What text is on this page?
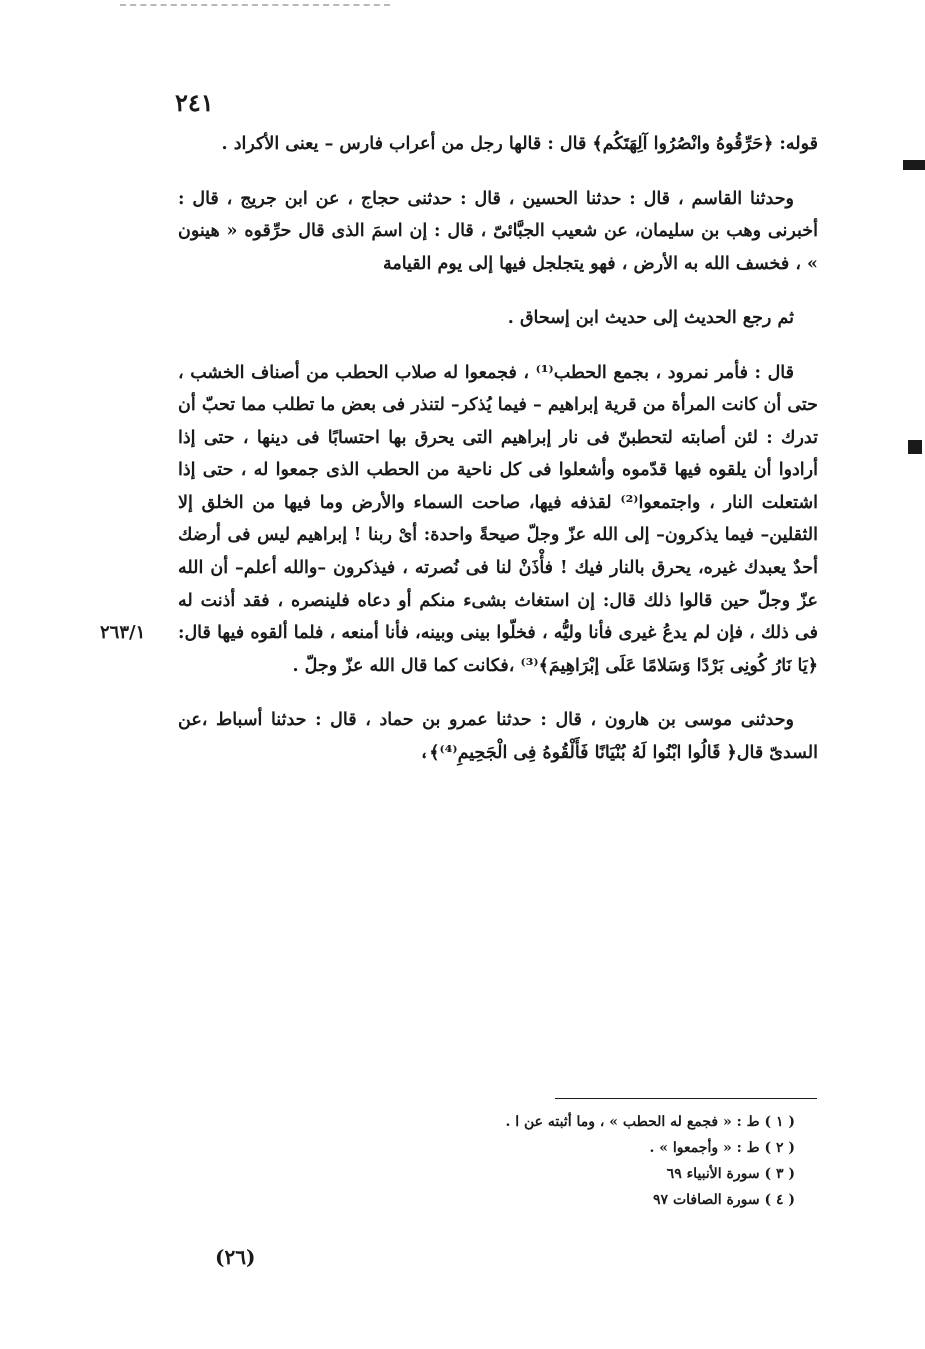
٢٤١
٢٦٣/١

قوله: ﴿حَرِّقُوهُ وانْصُرُوا آلِهَتَكُم﴾ قال : قالها رجل من أعراب فارس – يعنى الأكراد .

وحدثنا القاسم ، قال : حدثنا الحسين ، قال : حدثنى حجاج ، عن ابن جريج ، قال : أخبرنى وهب بن سليمان، عن شعيب الجبَّائىّ ، قال : إن اسمَ الذى قال حرِّقوه « هينون » ، فخسف الله به الأرض ، فهو يتجلجل فيها إلى يوم القيامة

ثم رجع الحديث إلى حديث ابن إسحاق .

قال : فأمر نمرود ، بجمع الحطب⁽¹⁾ ، فجمعوا له صلاب الحطب من أصناف الخشب ، حتى أن كانت المرأة من قرية إبراهيم – فيما يُذكر– لتنذر فى بعض ما تطلب مما تحبّ أن تدرك : لئن أصابته لتحطبنّ فى نار إبراهيم التى يحرق بها احتسابًا فى دينها ، حتى إذا أرادوا أن يلقوه فيها قدّموه وأشعلوا فى كل ناحية من الحطب الذى جمعوا له ، حتى إذا اشتعلت النار ، واجتمعوا⁽²⁾ لقذفه فيها، صاحت السماء والأرض وما فيها من الخلق إلا الثقلين– فيما يذكرون– إلى الله عزّ وجلّ صيحةً واحدة: أىْ ربنا ! إبراهيم ليس فى أرضك أحدٌ يعبدك غيره، يحرق بالنار فيك ! فأْذَنْ لنا فى نُصرته ، فيذكرون –والله أعلم– أن الله عزّ وجلّ حين قالوا ذلك قال: إن استغاث بشىء منكم أو دعاه فلينصره ، فقد أذنت له فى ذلك ، فإن لم يدعُ غيرى فأنا وليُّه ، فخلّوا بينى وبينه، فأنا أمنعه ، فلما ألقوه فيها قال: ﴿يَا نَارُ كُونِى بَرْدًا وَسَلامًا عَلَى إبْرَاهِيمَ﴾⁽³⁾ ،فكانت كما قال الله عزّ وجلّ .

وحدثنى موسى بن هارون ، قال : حدثنا عمرو بن حماد ، قال : حدثنا أسباط ،عن السدىّ قال﴿ قَالُوا ابْنُوا لَهُ بُنْيَانًا فَأَلْقُوهُ فِى الْجَحِيمِ⁽⁴⁾﴾،

( ١ ) ط : « فجمع له الحطب » ، وما أثبته عن ا .

( ٢ ) ط : « وأجمعوا » .

( ٣ ) سورة الأنبياء ٦٩

( ٤ ) سورة الصافات ٩٧

(٢٦)
